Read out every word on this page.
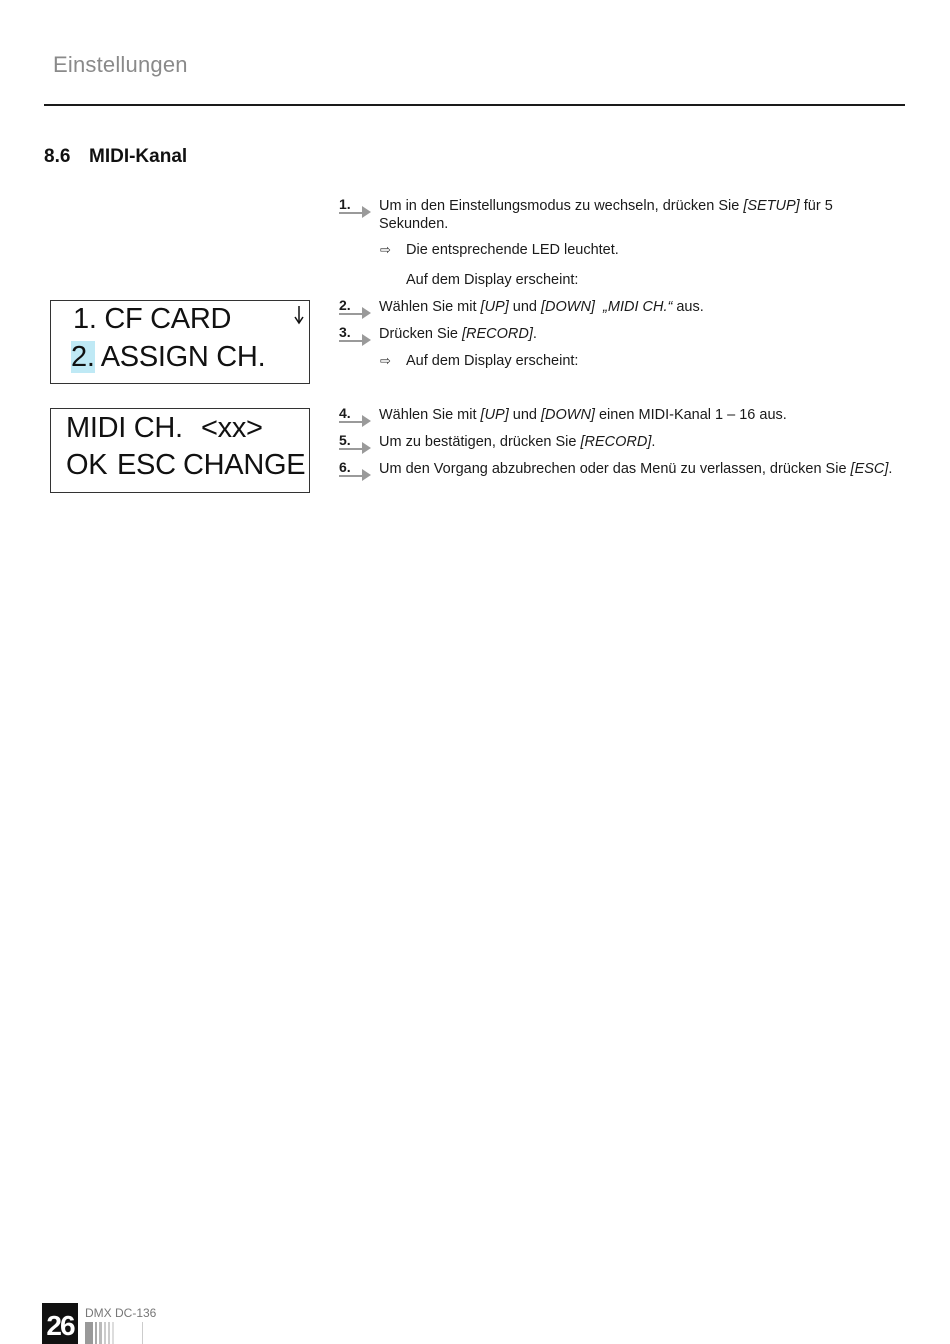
Einstellungen
8.6 MIDI-Kanal
1. Um in den Einstellungsmodus zu wechseln, drücken Sie [SETUP] für 5 Sekunden.
⇨ Die entsprechende LED leuchtet.
Auf dem Display erscheint:
2. Wählen Sie mit [UP] und [DOWN] „MIDI CH.“ aus.
3. Drücken Sie [RECORD].
⇨ Auf dem Display erscheint:
4. Wählen Sie mit [UP] und [DOWN] einen MIDI-Kanal 1 – 16 aus.
5. Um zu bestätigen, drücken Sie [RECORD].
6. Um den Vorgang abzubrechen oder das Menü zu verlassen, drücken Sie [ESC].
1. CF CARD
2. ASSIGN CH.
MIDI CH. <xx>
OK ESC CHANGE
26 DMX DC-136
